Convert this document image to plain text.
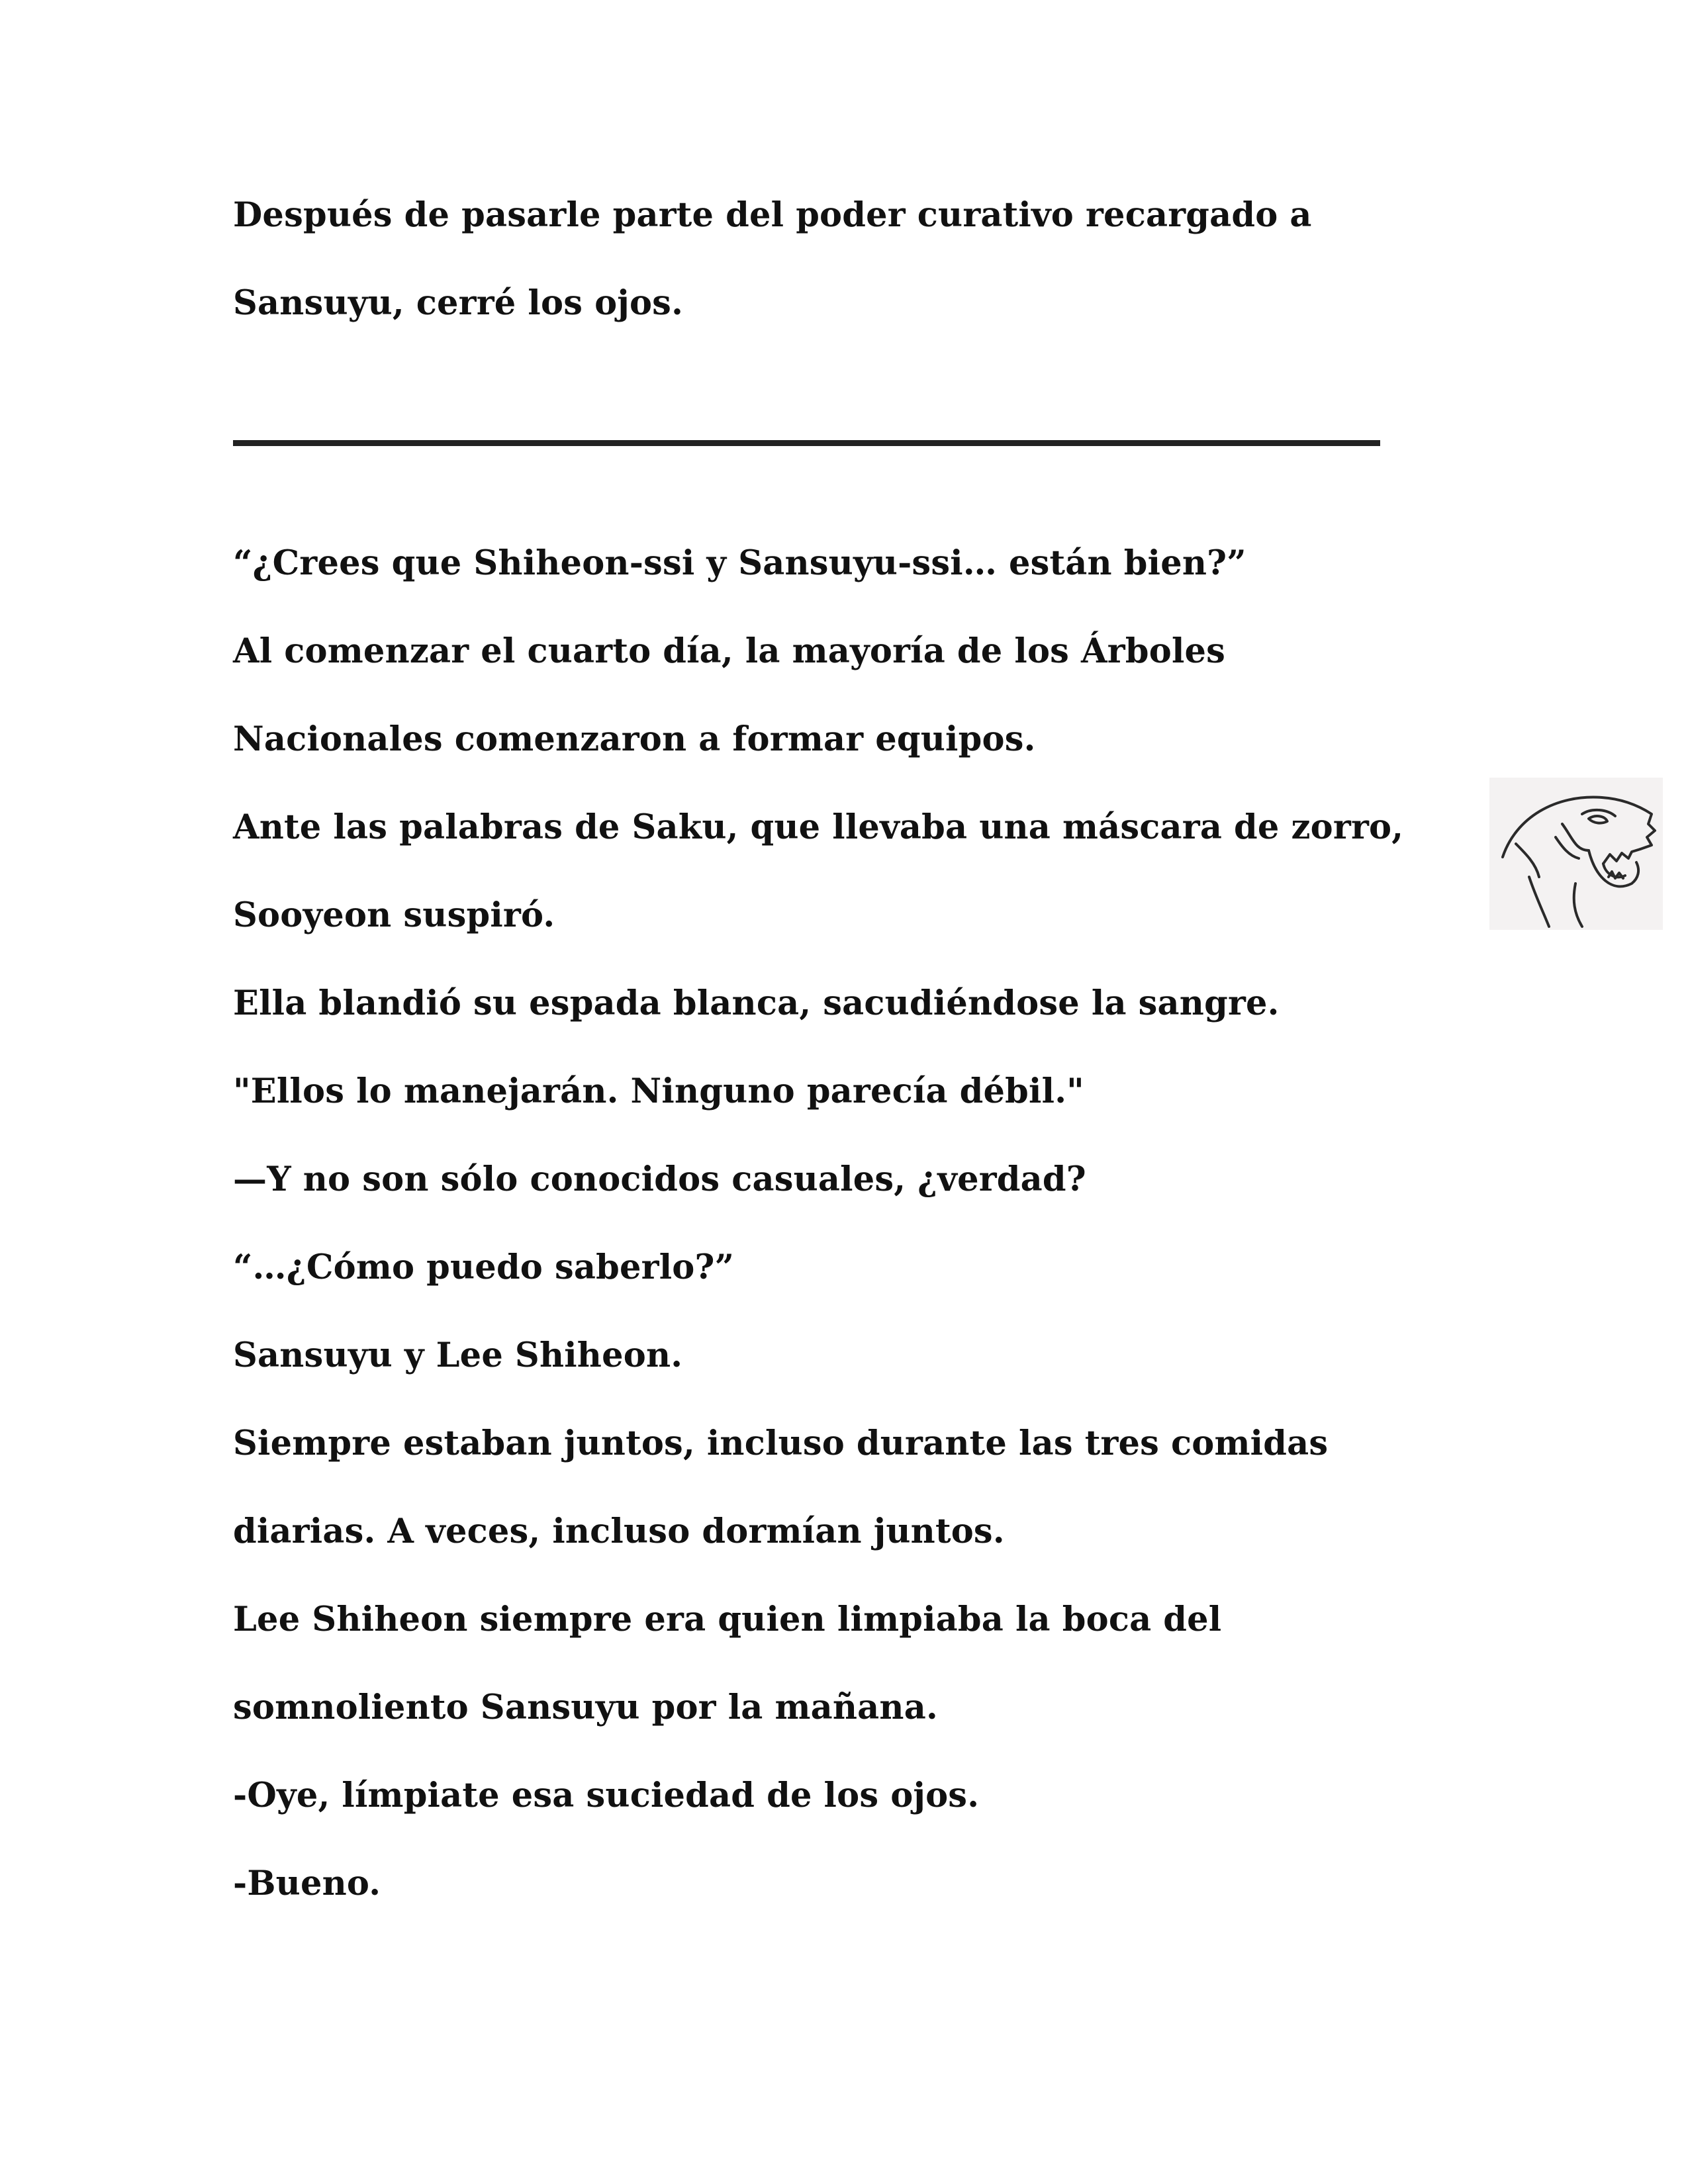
Después de pasarle parte del poder curativo recargado a
Sansuyu, cerré los ojos.
“¿Crees que Shiheon-ssi y Sansuyu-ssi… están bien?”
Al comenzar el cuarto día, la mayoría de los Árboles
Nacionales comenzaron a formar equipos.
Ante las palabras de Saku, que llevaba una máscara de zorro,
Sooyeon suspiró.
Ella blandió su espada blanca, sacudiéndose la sangre.
"Ellos lo manejarán. Ninguno parecía débil."
—Y no son sólo conocidos casuales, ¿verdad?
“…¿Cómo puedo saberlo?”
Sansuyu y Lee Shiheon.
Siempre estaban juntos, incluso durante las tres comidas
diarias. A veces, incluso dormían juntos.
Lee Shiheon siempre era quien limpiaba la boca del
somnoliento Sansuyu por la mañana.
-Oye, límpiate esa suciedad de los ojos.
-Bueno.
